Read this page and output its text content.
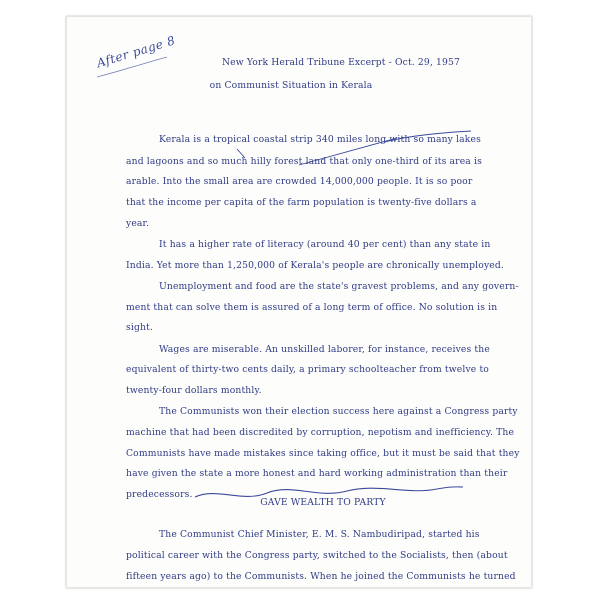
After page 8	New York Herald Tribune Excerpt - Oct. 29, 1957
on Communist Situation in Kerala
Kerala is a tropical coastal strip 340 miles long with so many lakes
and lagoons and so much hilly forest land that only one-third of its area is
arable. Into the small area are crowded 14,000,000 people. It is so poor
that the income per capita of the farm population is twenty-five dollars a
year.
It has a higher rate of literacy (around 40 per cent) than any state in
India. Yet more than 1,250,000 of Kerala's people are chronically unemployed.
Unemployment and food are the state's gravest problems, and any govern-
ment that can solve them is assured of a long term of office. No solution is in
sight.
Wages are miserable. An unskilled laborer, for instance, receives the
equivalent of thirty-two cents daily, a primary schoolteacher from twelve to
twenty-four dollars monthly.
The Communists won their election success here against a Congress party
machine that had been discredited by corruption, nepotism and inefficiency. The
Communists have made mistakes since taking office, but it must be said that they
have given the state a more honest and hard working administration than their
predecessors.
GAVE WEALTH TO PARTY
The Communist Chief Minister, E. M. S. Nambudiripad, started his
political career with the Congress party, switched to the Socialists, then (about
fifteen years ago) to the Communists. When he joined the Communists he turned
